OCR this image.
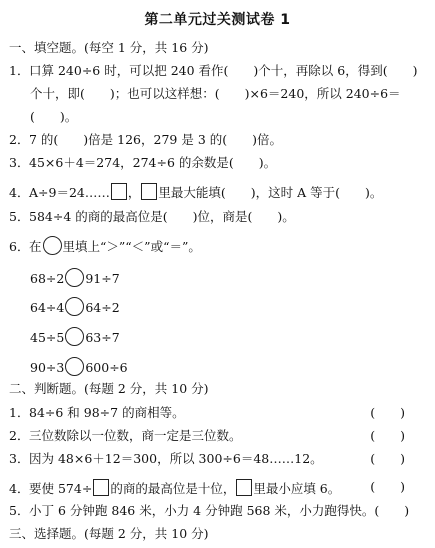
第二单元过关测试卷 1
一、填空题。(每空 1 分，共 16 分)
1．口算 240÷6 时，可以把 240 看作(　　)个十，再除以 6，得到(　　)
个十，即(　　)；也可以这样想：(　　)×6＝240，所以 240÷6＝
(　　)。
2．7 的(　　)倍是 126，279 是 3 的(　　)倍。
3．45×6＋4＝274，274÷6 的余数是(　　)。
4．A÷9＝24…… ， 里最大能填(　　)，这时 A 等于(　　)。
5．584÷4 的商的最高位是(　　)位，商是(　　)。
6．在 里填上“＞”“＜”或“＝”。
68÷2 91÷7
64÷4 64÷2
45÷5 63÷7
90÷3 600÷6
二、判断题。(每题 2 分，共 10 分)
1．84÷6 和 98÷7 的商相等。	(　　)
2．三位数除以一位数，商一定是三位数。	(　　)
3．因为 48×6＋12＝300，所以 300÷6＝48……12。	(　　)
4．要使 574÷ 的商的最高位是十位， 里最小应填 6。 (　　)
5．小丁 6 分钟跑 846 米，小力 4 分钟跑 568 米，小力跑得快。(　　)
三、选择题。(每题 2 分，共 10 分)
